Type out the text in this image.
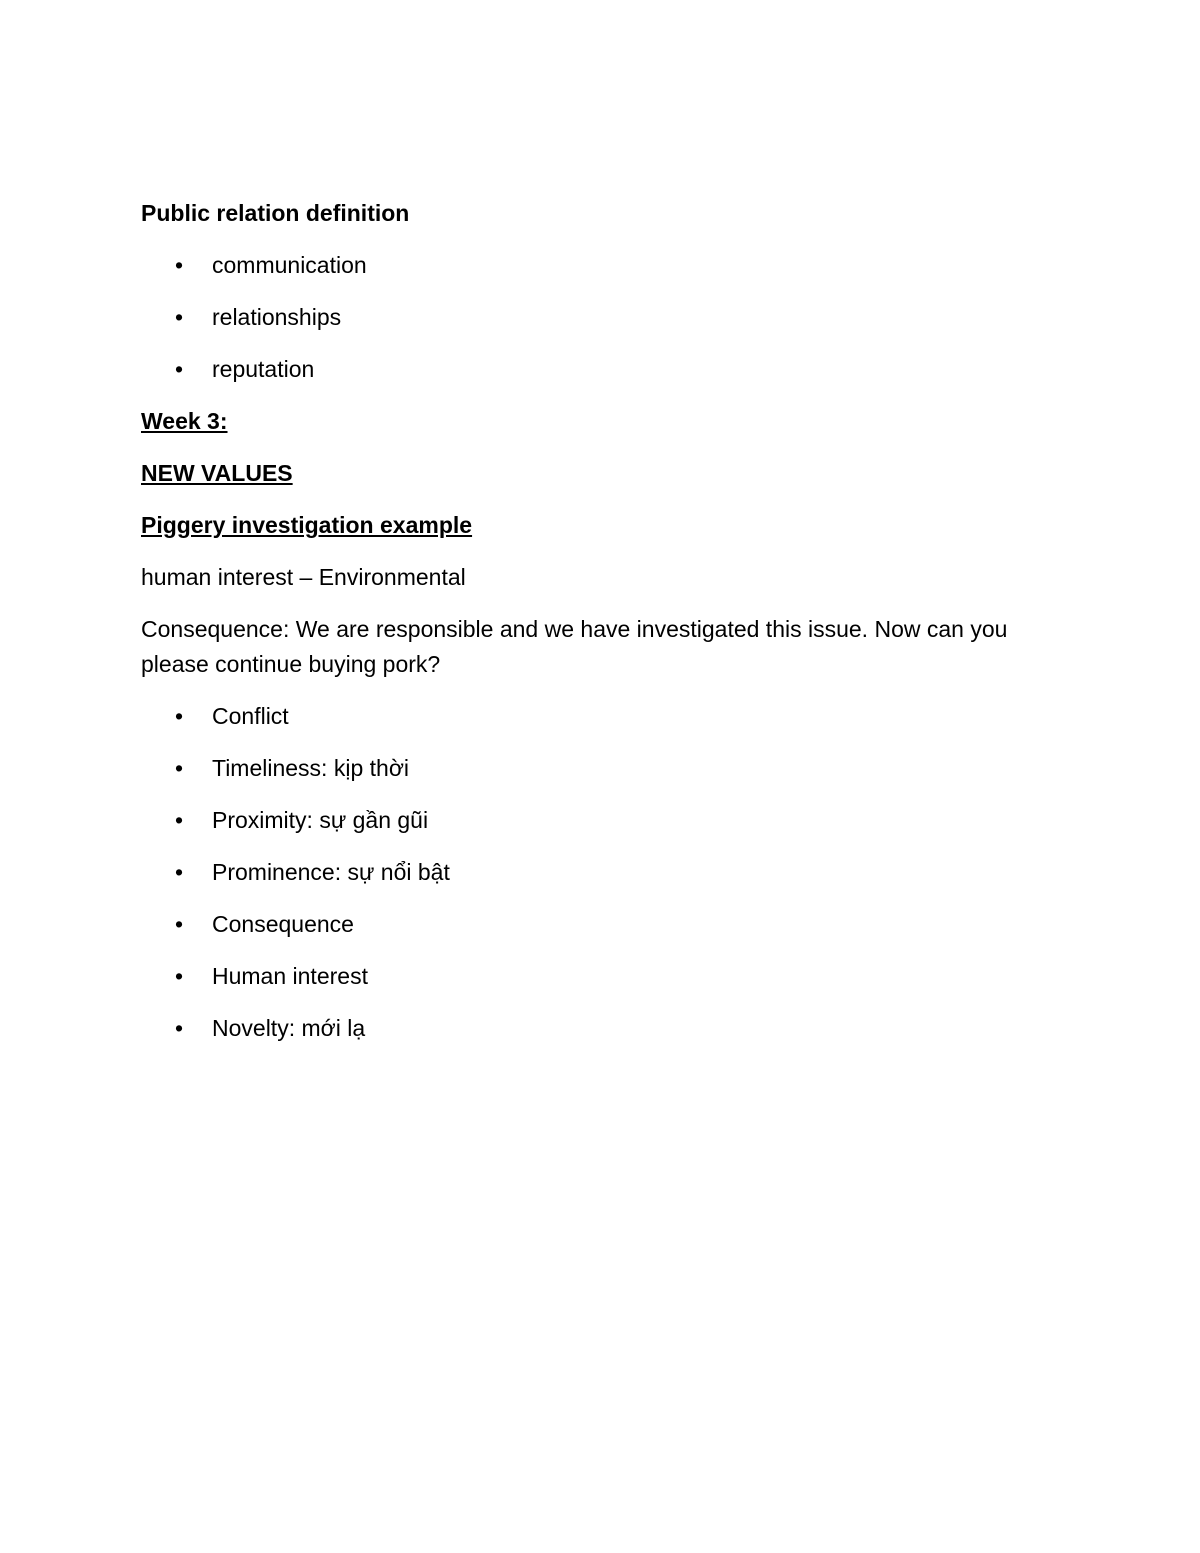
Public relation definition
• communication
• relationships
• reputation
Week 3:
NEW VALUES
Piggery investigation example
human interest – Environmental
Consequence: We are responsible and we have investigated this issue. Now can you please continue buying pork?
• Conflict
• Timeliness: kịp thời
• Proximity: sự gần gũi
• Prominence: sự nổi bật
• Consequence
• Human interest
• Novelty: mới lạ
